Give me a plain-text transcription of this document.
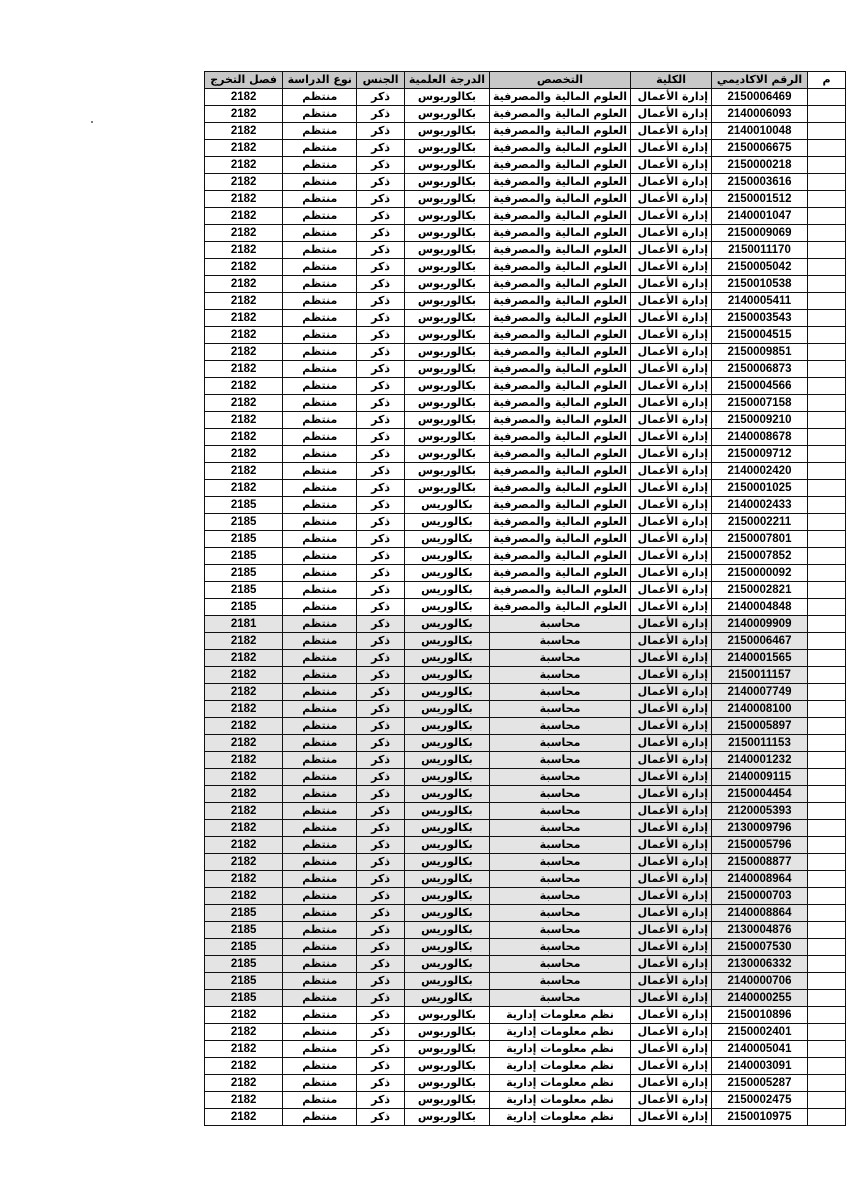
م	الرقم الاكاديمي	الكلية	التخصص	الدرجة العلمية	الجنس	نوع الدراسة	فصل التخرج
	2150006469	إدارة الأعمال	العلوم المالية والمصرفية	بكالوريوس	ذكر	منتظم	2182
	2140006093	إدارة الأعمال	العلوم المالية والمصرفية	بكالوريوس	ذكر	منتظم	2182
	2140010048	إدارة الأعمال	العلوم المالية والمصرفية	بكالوريوس	ذكر	منتظم	2182
	2150006675	إدارة الأعمال	العلوم المالية والمصرفية	بكالوريوس	ذكر	منتظم	2182
	2150000218	إدارة الأعمال	العلوم المالية والمصرفية	بكالوريوس	ذكر	منتظم	2182
	2150003616	إدارة الأعمال	العلوم المالية والمصرفية	بكالوريوس	ذكر	منتظم	2182
	2150001512	إدارة الأعمال	العلوم المالية والمصرفية	بكالوريوس	ذكر	منتظم	2182
	2140001047	إدارة الأعمال	العلوم المالية والمصرفية	بكالوريوس	ذكر	منتظم	2182
	2150009069	إدارة الأعمال	العلوم المالية والمصرفية	بكالوريوس	ذكر	منتظم	2182
	2150011170	إدارة الأعمال	العلوم المالية والمصرفية	بكالوريوس	ذكر	منتظم	2182
	2150005042	إدارة الأعمال	العلوم المالية والمصرفية	بكالوريوس	ذكر	منتظم	2182
	2150010538	إدارة الأعمال	العلوم المالية والمصرفية	بكالوريوس	ذكر	منتظم	2182
	2140005411	إدارة الأعمال	العلوم المالية والمصرفية	بكالوريوس	ذكر	منتظم	2182
	2150003543	إدارة الأعمال	العلوم المالية والمصرفية	بكالوريوس	ذكر	منتظم	2182
	2150004515	إدارة الأعمال	العلوم المالية والمصرفية	بكالوريوس	ذكر	منتظم	2182
	2150009851	إدارة الأعمال	العلوم المالية والمصرفية	بكالوريوس	ذكر	منتظم	2182
	2150006873	إدارة الأعمال	العلوم المالية والمصرفية	بكالوريوس	ذكر	منتظم	2182
	2150004566	إدارة الأعمال	العلوم المالية والمصرفية	بكالوريوس	ذكر	منتظم	2182
	2150007158	إدارة الأعمال	العلوم المالية والمصرفية	بكالوريوس	ذكر	منتظم	2182
	2150009210	إدارة الأعمال	العلوم المالية والمصرفية	بكالوريوس	ذكر	منتظم	2182
	2140008678	إدارة الأعمال	العلوم المالية والمصرفية	بكالوريوس	ذكر	منتظم	2182
	2150009712	إدارة الأعمال	العلوم المالية والمصرفية	بكالوريوس	ذكر	منتظم	2182
	2140002420	إدارة الأعمال	العلوم المالية والمصرفية	بكالوريوس	ذكر	منتظم	2182
	2150001025	إدارة الأعمال	العلوم المالية والمصرفية	بكالوريوس	ذكر	منتظم	2182
	2140002433	إدارة الأعمال	العلوم المالية والمصرفية	بكالوريس	ذكر	منتظم	2185
	2150002211	إدارة الأعمال	العلوم المالية والمصرفية	بكالوريس	ذكر	منتظم	2185
	2150007801	إدارة الأعمال	العلوم المالية والمصرفية	بكالوريس	ذكر	منتظم	2185
	2150007852	إدارة الأعمال	العلوم المالية والمصرفية	بكالوريس	ذكر	منتظم	2185
	2150000092	إدارة الأعمال	العلوم المالية والمصرفية	بكالوريس	ذكر	منتظم	2185
	2150002821	إدارة الأعمال	العلوم المالية والمصرفية	بكالوريس	ذكر	منتظم	2185
	2140004848	إدارة الأعمال	العلوم المالية والمصرفية	بكالوريس	ذكر	منتظم	2185
	2140009909	إدارة الأعمال	محاسبة	بكالوريس	ذكر	منتظم	2181
	2150006467	إدارة الأعمال	محاسبة	بكالوريس	ذكر	منتظم	2182
	2140001565	إدارة الأعمال	محاسبة	بكالوريس	ذكر	منتظم	2182
	2150011157	إدارة الأعمال	محاسبة	بكالوريس	ذكر	منتظم	2182
	2140007749	إدارة الأعمال	محاسبة	بكالوريس	ذكر	منتظم	2182
	2140008100	إدارة الأعمال	محاسبة	بكالوريس	ذكر	منتظم	2182
	2150005897	إدارة الأعمال	محاسبة	بكالوريس	ذكر	منتظم	2182
	2150011153	إدارة الأعمال	محاسبة	بكالوريس	ذكر	منتظم	2182
	2140001232	إدارة الأعمال	محاسبة	بكالوريس	ذكر	منتظم	2182
	2140009115	إدارة الأعمال	محاسبة	بكالوريس	ذكر	منتظم	2182
	2150004454	إدارة الأعمال	محاسبة	بكالوريس	ذكر	منتظم	2182
	2120005393	إدارة الأعمال	محاسبة	بكالوريس	ذكر	منتظم	2182
	2130009796	إدارة الأعمال	محاسبة	بكالوريس	ذكر	منتظم	2182
	2150005796	إدارة الأعمال	محاسبة	بكالوريس	ذكر	منتظم	2182
	2150008877	إدارة الأعمال	محاسبة	بكالوريس	ذكر	منتظم	2182
	2140008964	إدارة الأعمال	محاسبة	بكالوريس	ذكر	منتظم	2182
	2150000703	إدارة الأعمال	محاسبة	بكالوريس	ذكر	منتظم	2182
	2140008864	إدارة الأعمال	محاسبة	بكالوريس	ذكر	منتظم	2185
	2130004876	إدارة الأعمال	محاسبة	بكالوريس	ذكر	منتظم	2185
	2150007530	إدارة الأعمال	محاسبة	بكالوريس	ذكر	منتظم	2185
	2130006332	إدارة الأعمال	محاسبة	بكالوريس	ذكر	منتظم	2185
	2140000706	إدارة الأعمال	محاسبة	بكالوريس	ذكر	منتظم	2185
	2140000255	إدارة الأعمال	محاسبة	بكالوريس	ذكر	منتظم	2185
	2150010896	إدارة الأعمال	نظم معلومات إدارية	بكالوريوس	ذكر	منتظم	2182
	2150002401	إدارة الأعمال	نظم معلومات إدارية	بكالوريوس	ذكر	منتظم	2182
	2140005041	إدارة الأعمال	نظم معلومات إدارية	بكالوريوس	ذكر	منتظم	2182
	2140003091	إدارة الأعمال	نظم معلومات إدارية	بكالوريوس	ذكر	منتظم	2182
	2150005287	إدارة الأعمال	نظم معلومات إدارية	بكالوريوس	ذكر	منتظم	2182
	2150002475	إدارة الأعمال	نظم معلومات إدارية	بكالوريوس	ذكر	منتظم	2182
	2150010975	إدارة الأعمال	نظم معلومات إدارية	بكالوريوس	ذكر	منتظم	2182
